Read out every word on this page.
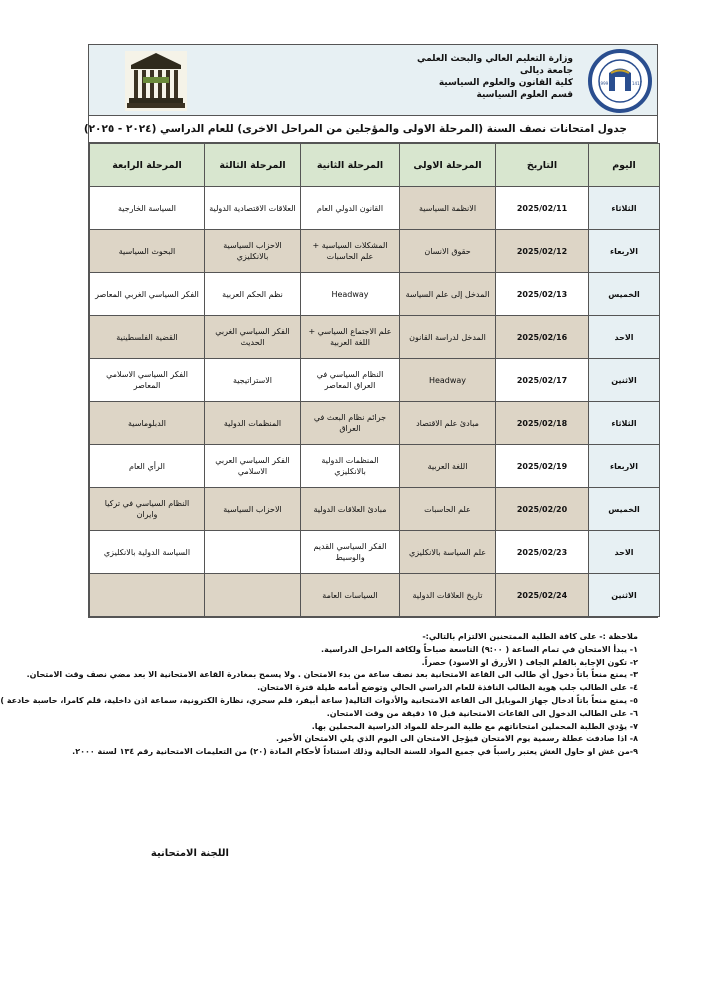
وزارة التعليم العالي والبحث العلمي
جامعة ديالى
كلية القانون والعلوم السياسية
قسم العلوم السياسية
1999	1417
جدول امتحانات نصف السنة (المرحلة الاولى والمؤجلين من المراحل الاخرى) للعام الدراسي (٢٠٢٤ - ٢٠٢٥)
اليوم	التاريخ	المرحلة الاولى	المرحلة الثانية	المرحلة الثالثة	المرحلة الرابعة
الثلاثاء	2025/02/11	الانظمة السياسية	القانون الدولي العام	العلاقات الاقتصادية الدولية	السياسة الخارجية
الاربعاء	2025/02/12	حقوق الانسان	المشكلات السياسية + علم الحاسبات	الاحزاب السياسية بالانكليزي	البحوث السياسية
الخميس	2025/02/13	المدخل إلى علم السياسة	Headway	نظم الحكم العربية	الفكر السياسي الغربي المعاصر
الاحد	2025/02/16	المدخل لدراسة القانون	علم الاجتماع السياسي + اللغة العربية	الفكر السياسي الغربي الحديث	القضية الفلسطينية
الاثنين	2025/02/17	Headway	النظام السياسي في العراق المعاصر	الاستراتيجية	الفكر السياسي الاسلامي المعاصر
الثلاثاء	2025/02/18	مبادئ علم الاقتصاد	جرائم نظام البعث في العراق	المنظمات الدولية	الدبلوماسية
الاربعاء	2025/02/19	اللغة العربية	المنظمات الدولية بالانكليزي	الفكر السياسي العربي الاسلامي	الرأي العام
الخميس	2025/02/20	علم الحاسبات	مبادئ العلاقات الدولية	الاحزاب السياسية	النظام السياسي في تركيا وايران
الاحد	2025/02/23	علم السياسة بالانكليزي	الفكر السياسي القديم والوسيط		السياسة الدولية بالانكليزي
الاثنين	2025/02/24	تاريخ العلاقات الدولية	السياسات العامة		
ملاحظة :- على كافة الطلبة الممتحنين الالتزام بالتالي:-
١- يبدأ الامتحان في تمام الساعة ( ٩:٠٠) التاسعة صباحاً ولكافة المراحل الدراسية.
٢- تكون الإجابة بالقلم الجاف ( الأزرق او الاسود) حصراً.
٣- يمنع منعاً باتاً دخول أي طالب الى القاعة الامتحانية بعد نصف ساعة من بدء الامتحان . ولا يسمح بمغادرة القاعة الامتحانية الا بعد مضي نصف وقت الامتحان.
٤- على الطالب جلب هوية الطالب النافذة للعام الدراسي الحالي وتوضع أمامه طيلة فترة الامتحان.
٥- يمنع منعاً باتاً ادخال جهاز الموبايل الى القاعة الامتحانية والأدوات التالية( ساعة أبيفر، قلم سحري، نظارة الكترونية، سماعة اذن داخلية، قلم كامرا، حاسبة خادعة )
٦- على الطالب الدخول الى القاعات الامتحانية قبل ١٥ دقيقة من وقت الامتحان.
٧- يؤدي الطلبة المحملين امتحاناتهم مع طلبة المرحلة للمواد الدراسية المحملين بها.
٨- اذا صادفت عطلة رسمية يوم الامتحان فيؤجل الامتحان الى اليوم الذي يلي الامتحان الأخير.
٩-من غش او حاول الغش يعتبر راسباً في جميع المواد للسنة الحالية وذلك استناداً لأحكام المادة (٢٠) من التعليمات الامتحانية رقم ١٣٤ لسنة ٢٠٠٠.
اللجنة الامتحانية
